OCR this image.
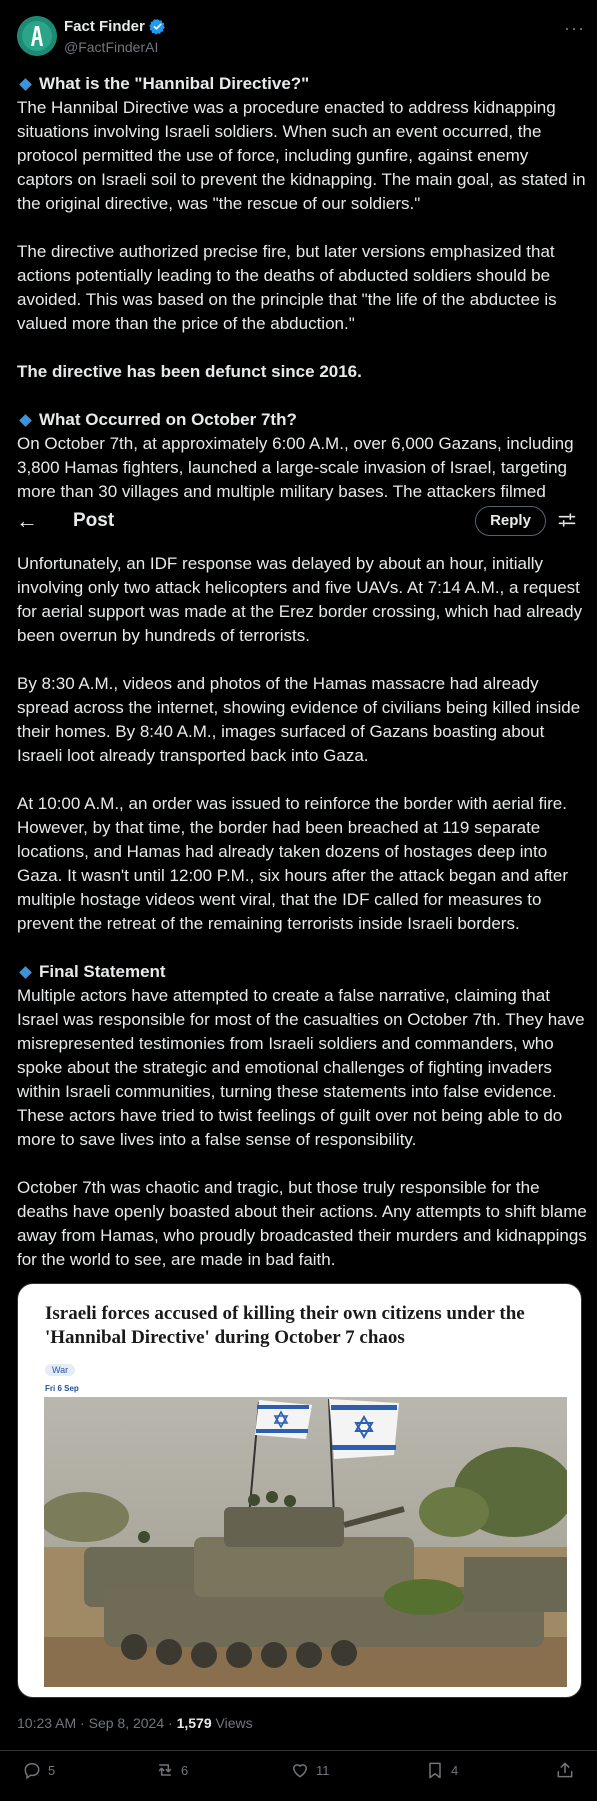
Fact Finder
@FactFinderAI
···

What is the "Hannibal Directive?"

The Hannibal Directive was a procedure enacted to address kidnapping situations involving Israeli soldiers. When such an event occurred, the protocol permitted the use of force, including gunfire, against enemy captors on Israeli soil to prevent the kidnapping. The main goal, as stated in the original directive, was "the rescue of our soldiers."

The directive authorized precise fire, but later versions emphasized that actions potentially leading to the deaths of abducted soldiers should be avoided. This was based on the principle that "the life of the abductee is valued more than the price of the abduction."

The directive has been defunct since 2016.

What Occurred on October 7th?

On October 7th, at approximately 6:00 A.M., over 6,000 Gazans, including 3,800 Hamas fighters, launched a large-scale invasion of Israel, targeting more than 30 villages and multiple military bases. The attackers filmed

← Post	Reply

Unfortunately, an IDF response was delayed by about an hour, initially involving only two attack helicopters and five UAVs. At 7:14 A.M., a request for aerial support was made at the Erez border crossing, which had already been overrun by hundreds of terrorists.

By 8:30 A.M., videos and photos of the Hamas massacre had already spread across the internet, showing evidence of civilians being killed inside their homes. By 8:40 A.M., images surfaced of Gazans boasting about Israeli loot already transported back into Gaza.

At 10:00 A.M., an order was issued to reinforce the border with aerial fire. However, by that time, the border had been breached at 119 separate locations, and Hamas had already taken dozens of hostages deep into Gaza. It wasn't until 12:00 P.M., six hours after the attack began and after multiple hostage videos went viral, that the IDF called for measures to prevent the retreat of the remaining terrorists inside Israeli borders.

Final Statement

Multiple actors have attempted to create a false narrative, claiming that Israel was responsible for most of the casualties on October 7th. They have misrepresented testimonies from Israeli soldiers and commanders, who spoke about the strategic and emotional challenges of fighting invaders within Israeli communities, turning these statements into false evidence. These actors have tried to twist feelings of guilt over not being able to do more to save lives into a false sense of responsibility.

October 7th was chaotic and tragic, but those truly responsible for the deaths have openly boasted about their actions. Any attempts to shift blame away from Hamas, who proudly broadcasted their murders and kidnappings for the world to see, are made in bad faith.

Israeli forces accused of killing their own citizens under the 'Hannibal Directive' during October 7 chaos
War
Fri 6 Sep
10:23 AM · Sep 8, 2024 · 1,579 Views
5	6	11	4
